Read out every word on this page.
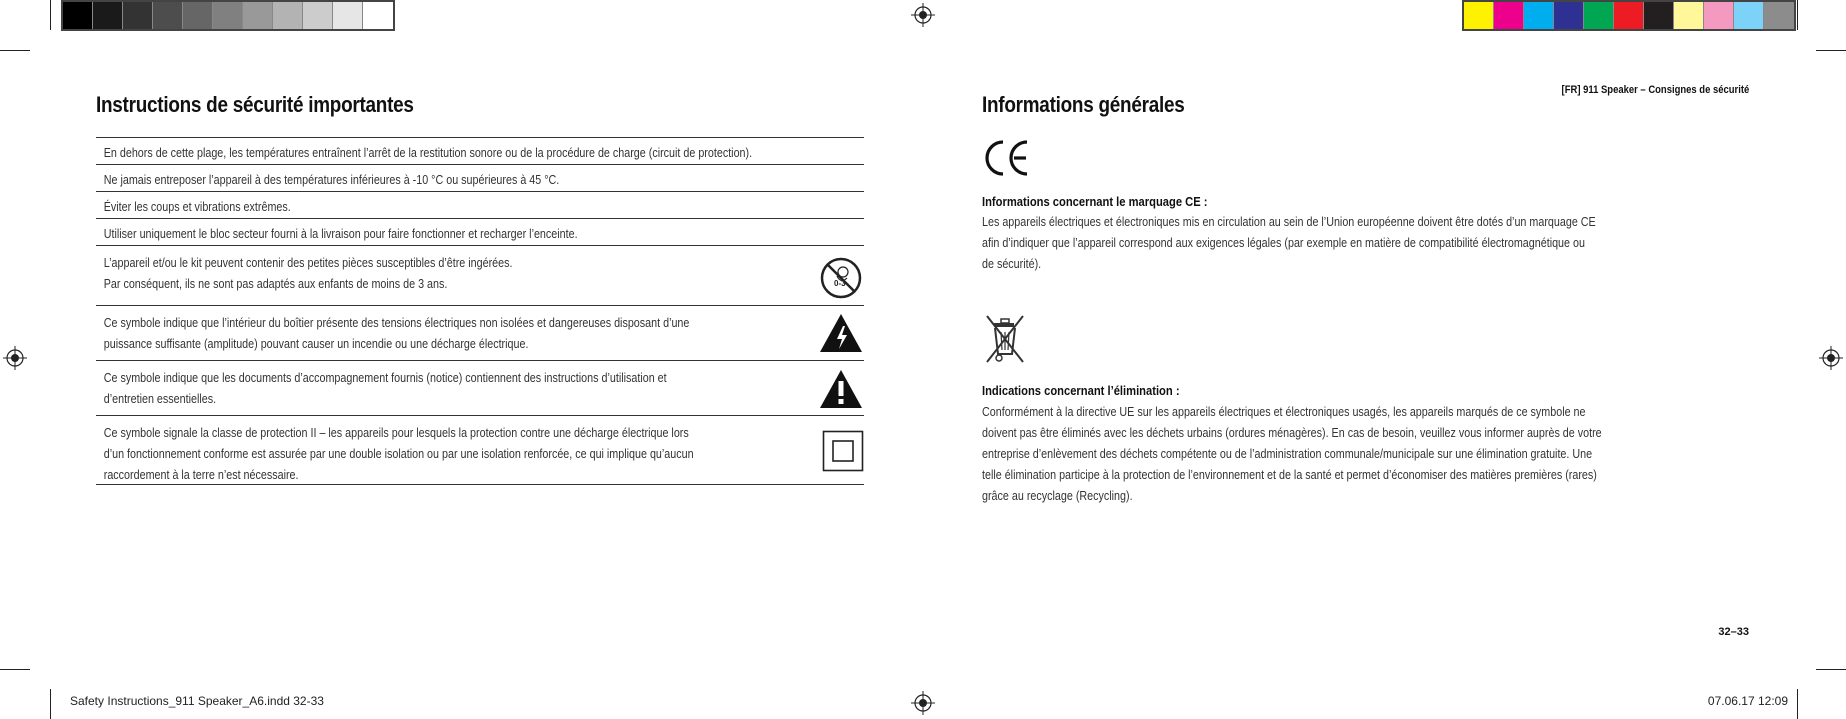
Instructions de sécurité importantes
En dehors de cette plage, les températures entraînent l’arrêt de la restitution sonore ou de la procédure de charge (circuit de protection).
Ne jamais entreposer l’appareil à des températures inférieures à -10 °C ou supérieures à 45 °C.
Éviter les coups et vibrations extrêmes.
Utiliser uniquement le bloc secteur fourni à la livraison pour faire fonctionner et recharger l’enceinte.
L’appareil et/ou le kit peuvent contenir des petites pièces susceptibles d’être ingérées.
Par conséquent, ils ne sont pas adaptés aux enfants de moins de 3 ans.	0-3
Ce symbole indique que l’intérieur du boîtier présente des tensions électriques non isolées et dangereuses disposant d’une
puissance suffisante (amplitude) pouvant causer un incendie ou une décharge électrique.
Ce symbole indique que les documents d’accompagnement fournis (notice) contiennent des instructions d’utilisation et
d’entretien essentielles.
Ce symbole signale la classe de protection II – les appareils pour lesquels la protection contre une décharge électrique lors
d’un fonctionnement conforme est assurée par une double isolation ou par une isolation renforcée, ce qui implique qu’aucun
raccordement à la terre n’est nécessaire.
[FR] 911 Speaker – Consignes de sécurité
Informations générales
Informations concernant le marquage CE :
Les appareils électriques et électroniques mis en circulation au sein de l’Union européenne doivent être dotés d’un marquage CE
afin d’indiquer que l’appareil correspond aux exigences légales (par exemple en matière de compatibilité électromagnétique ou
de sécurité).
Indications concernant l’élimination :
Conformément à la directive UE sur les appareils électriques et électroniques usagés, les appareils marqués de ce symbole ne
doivent pas être éliminés avec les déchets urbains (ordures ménagères). En cas de besoin, veuillez vous informer auprès de votre
entreprise d’enlèvement des déchets compétente ou de l’administration communale/municipale sur une élimination gratuite. Une
telle élimination participe à la protection de l’environnement et de la santé et permet d’économiser des matières premières (rares)
grâce au recyclage (Recycling).
32–33
Safety Instructions_911 Speaker_A6.indd 32-33	07.06.17 12:09
